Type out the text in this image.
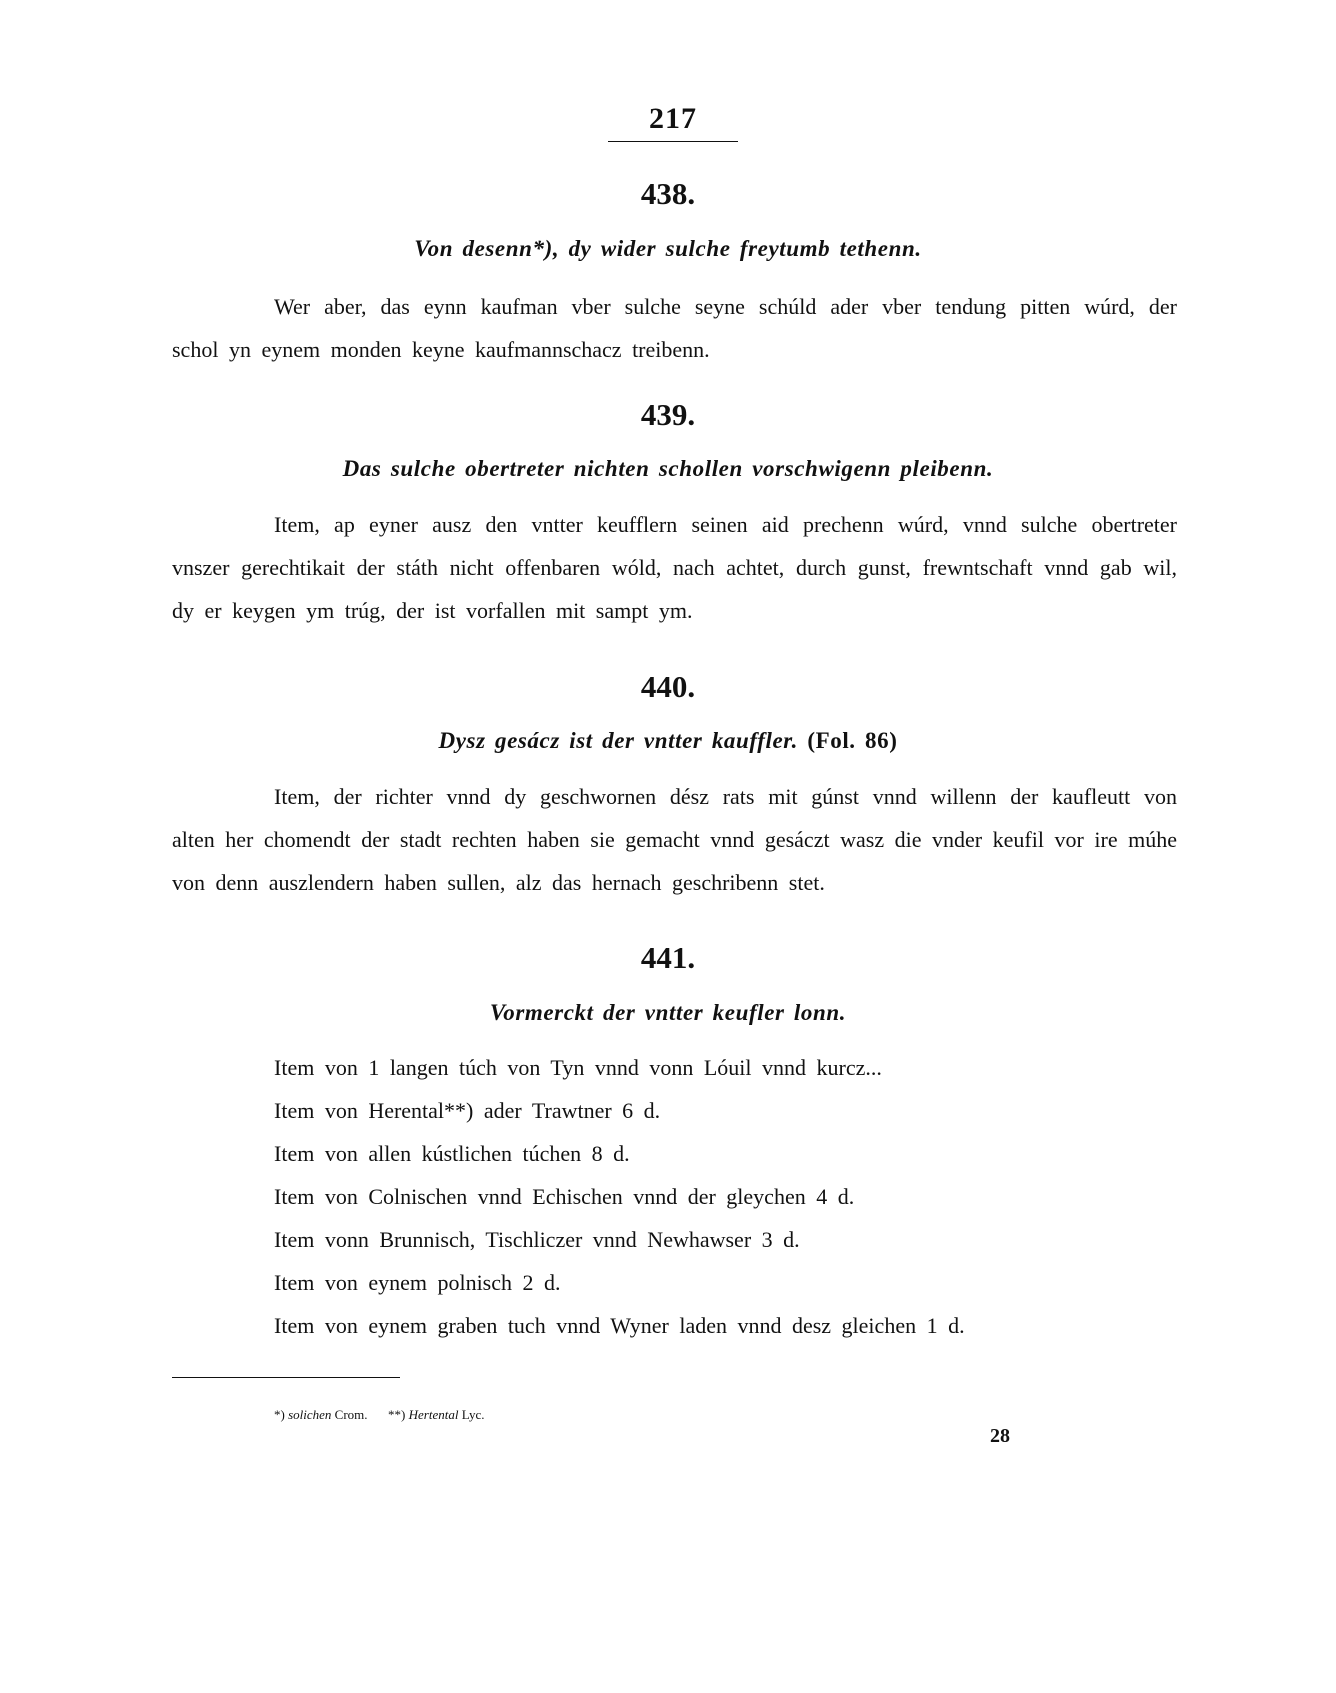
217
438.
Von desenn*), dy wider sulche freytumb tethenn.

Wer aber, das eynn kaufman vber sulche seyne schúld ader vber tendung pitten wúrd, der schol yn eynem monden keyne kaufmannschacz treibenn.

439.
Das sulche obertreter nichten schollen vorschwigenn pleibenn.

Item, ap eyner ausz den vntter keufflern seinen aid prechenn wúrd, vnnd sulche obertreter vnszer gerechtikait der státh nicht offenbaren wóld, nach achtet, durch gunst, frewntschaft vnnd gab wil, dy er keygen ym trúg, der ist vorfallen mit sampt ym.

440.
Dysz gesácz ist der vntter kauffler. (Fol. 86)

Item, der richter vnnd dy geschwornen dész rats mit gúnst vnnd willenn der kaufleutt von alten her chomendt der stadt rechten haben sie gemacht vnnd gesáczt wasz die vnder keufil vor ire múhe von denn auszlendern haben sullen, alz das hernach geschribenn stet.

441.
Vormerckt der vntter keufler lonn.
Item von 1 langen túch von Tyn vnnd vonn Lóuil vnnd kurcz...
Item von Herental**) ader Trawtner 6 d.
Item von allen kústlichen túchen 8 d.
Item von Colnischen vnnd Echischen vnnd der gleychen 4 d.
Item vonn Brunnisch, Tischliczer vnnd Newhawser 3 d.
Item von eynem polnisch 2 d.
Item von eynem graben tuch vnnd Wyner laden vnnd desz gleichen 1 d.
*) solichen Crom. **) Hertental Lyc.
28
